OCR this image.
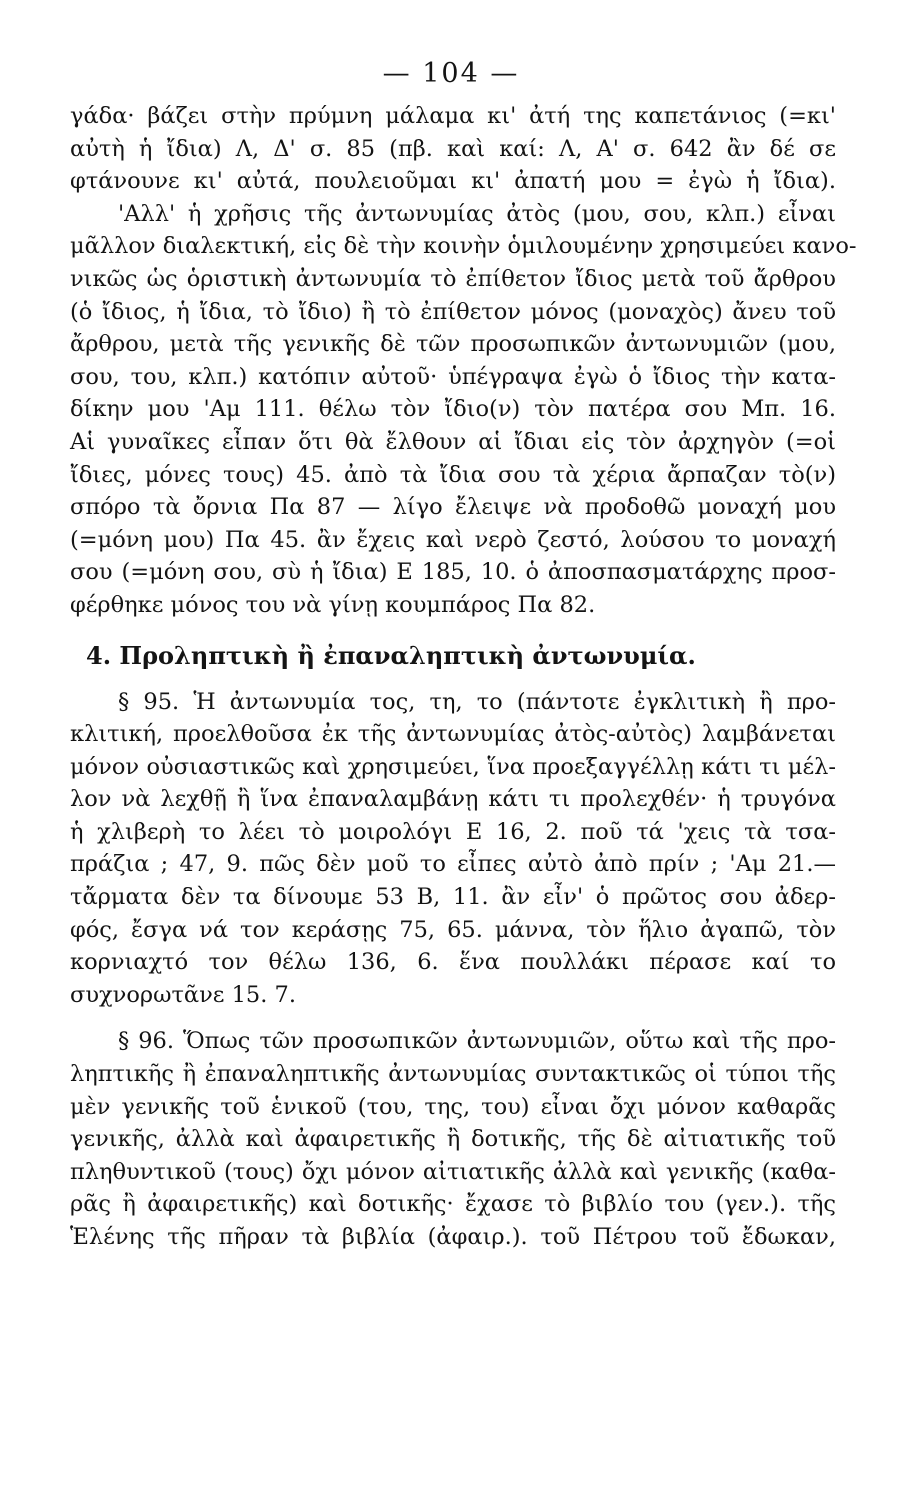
— 104 —
γάδα· βάζει στὴν πρύμνη μάλαμα κι' ἀτή της καπετάνιος (=κι'
αὐτὴ ἡ ἴδια) Λ, Δ' σ. 85 (πβ. καὶ καί: Λ, Α' σ. 642 ἂν δέ σε
φτάνουνε κι' αὐτά, πουλειοῦμαι κι' ἀπατή μου = ἐγὼ ἡ ἴδια).
'Αλλ' ἡ χρῆσις τῆς ἀντωνυμίας ἀτὸς (μου, σου, κλπ.) εἶναι
μᾶλλον διαλεκτική, εἰς δὲ τὴν κοινὴν ὁμιλουμένην χρησιμεύει κανο-
νικῶς ὡς ὁριστικὴ ἀντωνυμία τὸ ἐπίθετον ἴδιος μετὰ τοῦ ἄρθρου
(ὁ ἴδιος, ἡ ἴδια, τὸ ἴδιο) ἢ τὸ ἐπίθετον μόνος (μοναχὸς) ἄνευ τοῦ
ἄρθρου, μετὰ τῆς γενικῆς δὲ τῶν προσωπικῶν ἀντωνυμιῶν (μου,
σου, του, κλπ.) κατόπιν αὐτοῦ· ὑπέγραψα ἐγὼ ὁ ἴδιος τὴν κατα-
δίκην μου 'Αμ 111. θέλω τὸν ἴδιο(ν) τὸν πατέρα σου Μπ. 16.
Αἱ γυναῖκες εἶπαν ὅτι θὰ ἔλθουν αἱ ἴδιαι εἰς τὸν ἀρχηγὸν (=οἱ
ἴδιες, μόνες τους) 45. ἀπὸ τὰ ἴδια σου τὰ χέρια ἄρπαζαν τὸ(ν)
σπόρο τὰ ὄρνια Πα 87 — λίγο ἔλειψε νὰ προδοθῶ μοναχή μου
(=μόνη μου) Πα 45. ἂν ἔχεις καὶ νερὸ ζεστό, λούσου το μοναχή
σου (=μόνη σου, σὺ ἡ ἴδια) Ε 185, 10. ὁ ἀποσπασματάρχης προσ-
φέρθηκε μόνος του νὰ γίνῃ κουμπάρος Πα 82.
4. Προληπτικὴ ἢ ἐπαναληπτικὴ ἀντωνυμία.
§ 95. Ἡ ἀντωνυμία τος, τη, το (πάντοτε ἐγκλιτικὴ ἢ προ-
κλιτική, προελθοῦσα ἐκ τῆς ἀντωνυμίας ἀτὸς-αὐτὸς) λαμβάνεται
μόνον οὐσιαστικῶς καὶ χρησιμεύει, ἵνα προεξαγγέλλῃ κάτι τι μέλ-
λον νὰ λεχθῇ ἢ ἵνα ἐπαναλαμβάνῃ κάτι τι προλεχθέν· ἡ τρυγόνα
ἡ χλιβερὴ το λέει τὸ μοιρολόγι Ε 16, 2. ποῦ τά 'χεις τὰ τσα-
πράζια ; 47, 9. πῶς δὲν μοῦ το εἶπες αὐτὸ ἀπὸ πρίν ; 'Αμ 21.—
τἄρματα δὲν τα δίνουμε 53 Β, 11. ἂν εἶν' ὁ πρῶτος σου ἀδερ-
φός, ἔσγα νά τον κεράσῃς 75, 65. μάννα, τὸν ἥλιο ἀγαπῶ, τὸν
κορνιαχτό τον θέλω 136, 6. ἕνα πουλλάκι πέρασε καί το
συχνορωτᾶνε 15. 7.
§ 96. Ὅπως τῶν προσωπικῶν ἀντωνυμιῶν, οὕτω καὶ τῆς προ-
ληπτικῆς ἢ ἐπαναληπτικῆς ἀντωνυμίας συντακτικῶς οἱ τύποι τῆς
μὲν γενικῆς τοῦ ἑνικοῦ (του, της, του) εἶναι ὄχι μόνον καθαρᾶς
γενικῆς, ἀλλὰ καὶ ἀφαιρετικῆς ἢ δοτικῆς, τῆς δὲ αἰτιατικῆς τοῦ
πληθυντικοῦ (τους) ὄχι μόνον αἰτιατικῆς ἀλλὰ καὶ γενικῆς (καθα-
ρᾶς ἢ ἀφαιρετικῆς) καὶ δοτικῆς· ἔχασε τὸ βιβλίο του (γεν.). τῆς
Ἑλένης τῆς πῆραν τὰ βιβλία (ἀφαιρ.). τοῦ Πέτρου τοῦ ἔδωκαν,
